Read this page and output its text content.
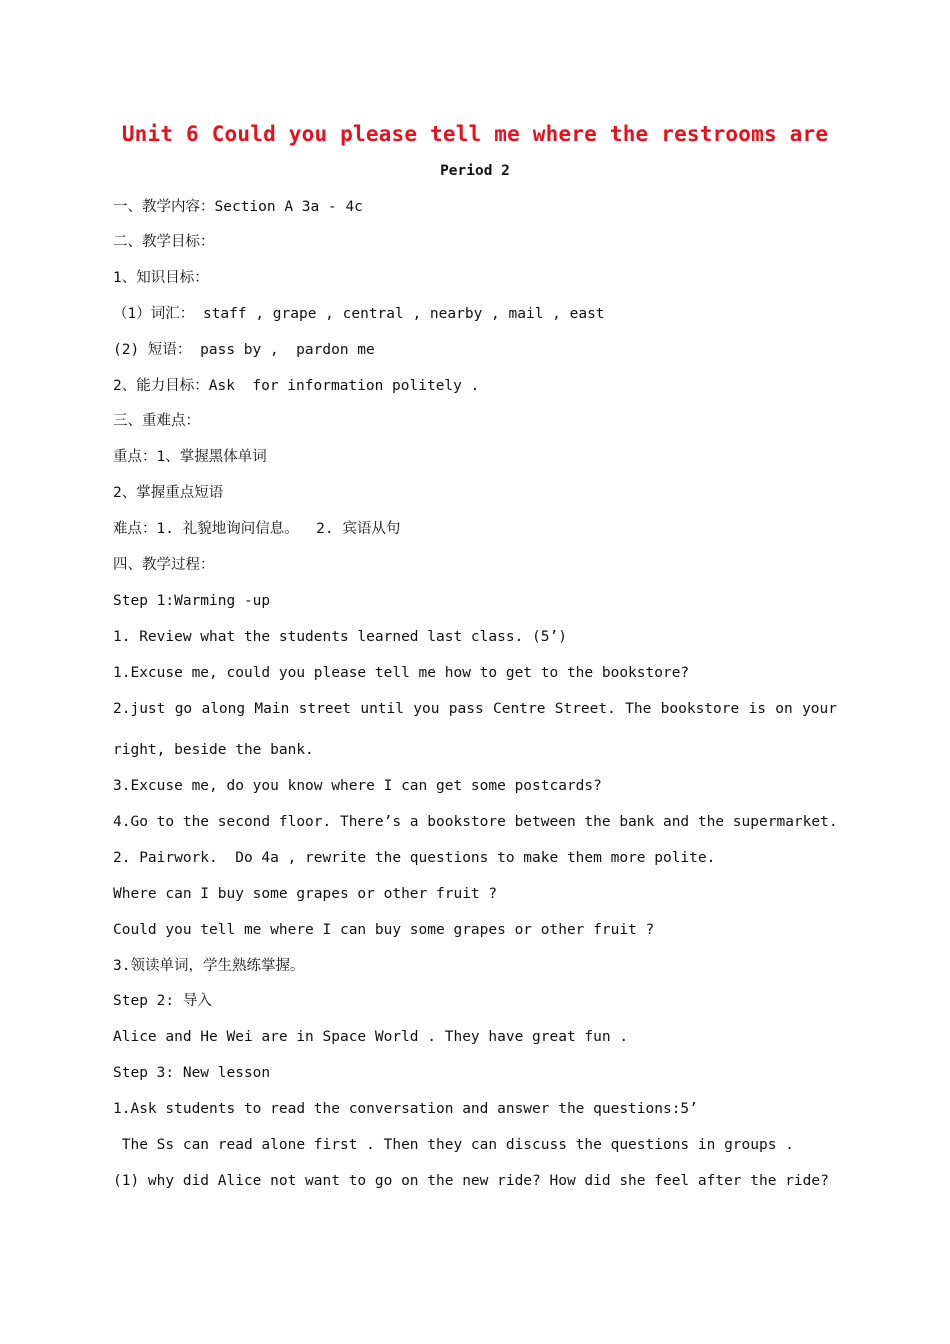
Unit 6 Could you please tell me where the restrooms are
Period 2
一、教学内容：Section A 3a - 4c
二、教学目标：
1、知识目标：
（1）词汇： staff , grape , central , nearby , mail , east
(2) 短语： pass by ,  pardon me
2、能力目标：Ask  for information politely .
三、重难点：
重点：1、掌握黑体单词
2、掌握重点短语
难点：1. 礼貌地询问信息。  2. 宾语从句
四、教学过程：
Step 1:Warming -up
1. Review what the students learned last class. (5’)
1.Excuse me, could you please tell me how to get to the bookstore?
2.just go along Main street until you pass Centre Street. The bookstore is on your
right, beside the bank.
3.Excuse me, do you know where I can get some postcards?
4.Go to the second floor. There’s a bookstore between the bank and the supermarket.
2. Pairwork.  Do 4a , rewrite the questions to make them more polite.
Where can I buy some grapes or other fruit ?
Could you tell me where I can buy some grapes or other fruit ?
3.领读单词，学生熟练掌握。
Step 2: 导入
Alice and He Wei are in Space World . They have great fun .
Step 3: New lesson
1.Ask students to read the conversation and answer the questions:5’
The Ss can read alone first . Then they can discuss the questions in groups .
(1) why did Alice not want to go on the new ride? How did she feel after the ride?
